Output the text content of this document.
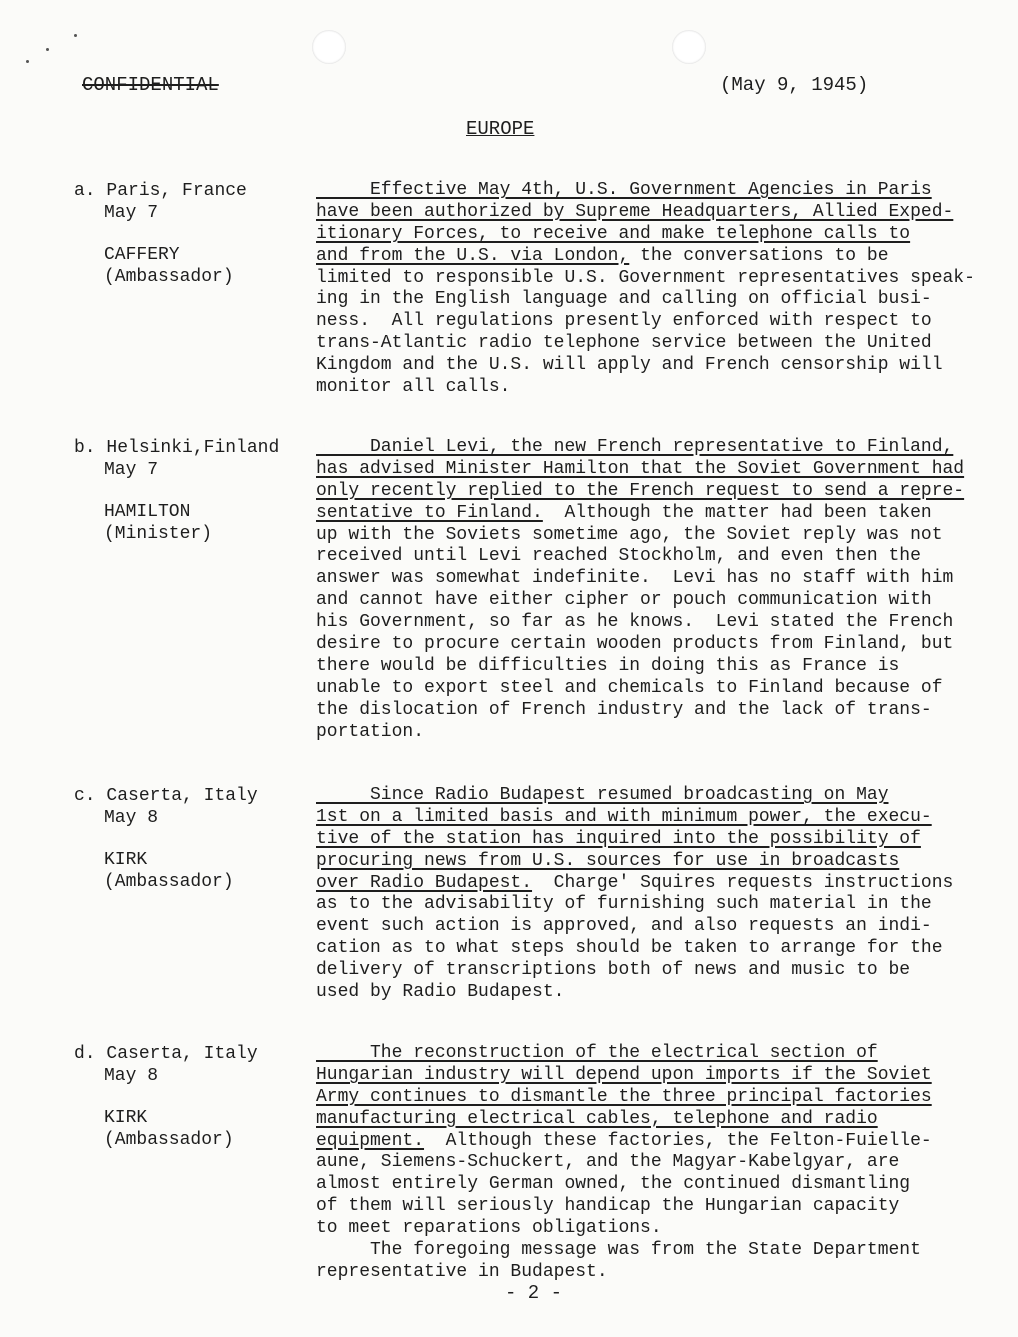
CONFIDENTIAL	(May 9, 1945)
EUROPE
a. Paris, France
May 7
CAFFERY
(Ambassador)
Effective May 4th, U.S. Government Agencies in Paris
have been authorized by Supreme Headquarters, Allied Exped-
itionary Forces, to receive and make telephone calls to
and from the U.S. via London, the conversations to be
limited to responsible U.S. Government representatives speak-
ing in the English language and calling on official busi-
ness.  All regulations presently enforced with respect to
trans-Atlantic radio telephone service between the United
Kingdom and the U.S. will apply and French censorship will
monitor all calls.
b. Helsinki,Finland
May 7
HAMILTON
(Minister)
Daniel Levi, the new French representative to Finland,
has advised Minister Hamilton that the Soviet Government had
only recently replied to the French request to send a repre-
sentative to Finland.  Although the matter had been taken
up with the Soviets sometime ago, the Soviet reply was not
received until Levi reached Stockholm, and even then the
answer was somewhat indefinite.  Levi has no staff with him
and cannot have either cipher or pouch communication with
his Government, so far as he knows.  Levi stated the French
desire to procure certain wooden products from Finland, but
there would be difficulties in doing this as France is
unable to export steel and chemicals to Finland because of
the dislocation of French industry and the lack of trans-
portation.
c. Caserta, Italy
May 8
KIRK
(Ambassador)
Since Radio Budapest resumed broadcasting on May
1st on a limited basis and with minimum power, the execu-
tive of the station has inquired into the possibility of
procuring news from U.S. sources for use in broadcasts
over Radio Budapest.  Charge' Squires requests instructions
as to the advisability of furnishing such material in the
event such action is approved, and also requests an indi-
cation as to what steps should be taken to arrange for the
delivery of transcriptions both of news and music to be
used by Radio Budapest.
d. Caserta, Italy
May 8
KIRK
(Ambassador)
The reconstruction of the electrical section of
Hungarian industry will depend upon imports if the Soviet
Army continues to dismantle the three principal factories
manufacturing electrical cables, telephone and radio
equipment.  Although these factories, the Felton-Fuielle-
aune, Siemens-Schuckert, and the Magyar-Kabelgyar, are
almost entirely German owned, the continued dismantling
of them will seriously handicap the Hungarian capacity
to meet reparations obligations.
The foregoing message was from the State Department
representative in Budapest.
- 2 -
